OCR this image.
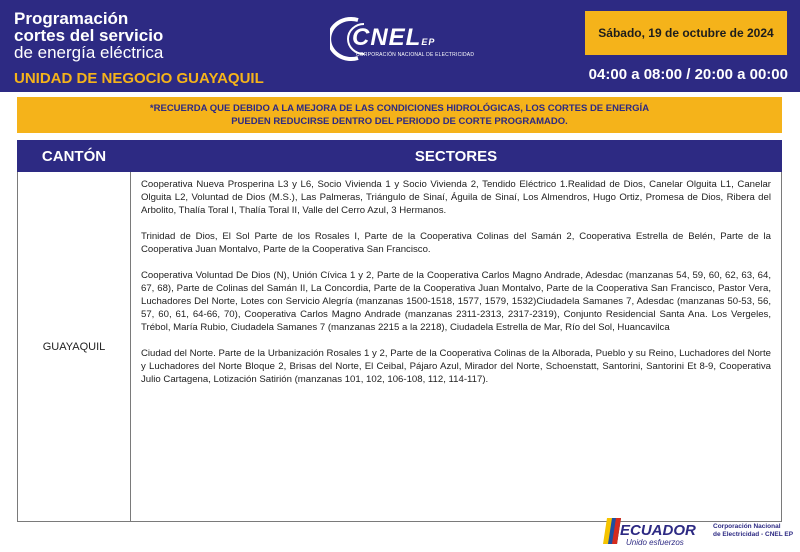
Programación
cortes del servicio
de energía eléctrica
UNIDAD DE NEGOCIO GUAYAQUIL
CNELEP
CORPORACIÓN NACIONAL DE ELECTRICIDAD
Sábado, 19 de octubre de 2024
04:00 a 08:00 / 20:00 a 00:00
*RECUERDA QUE DEBIDO A LA MEJORA DE LAS CONDICIONES HIDROLÓGICAS, LOS CORTES DE ENERGÍA
PUEDEN REDUCIRSE DENTRO DEL PERIODO DE CORTE PROGRAMADO.
CANTÓN	SECTORES
GUAYAQUIL	Cooperativa Nueva Prosperina L3 y L6, Socio Vivienda 1 y Socio Vivienda 2, Tendido Eléctrico 1.Realidad de Dios, Canelar Olguita L1, Canelar Olguita L2, Voluntad de Dios (M.S.), Las Palmeras, Triángulo de Sinaí, Águila de Sinaí, Los Almendros, Hugo Ortiz, Promesa de Dios, Ribera del Arbolito, Thalía Toral I, Thalía Toral II, Valle del Cerro Azul, 3 Hermanos.

Trinidad de Dios, El Sol Parte de los Rosales I, Parte de la Cooperativa Colinas del Samán 2, Cooperativa Estrella de Belén, Parte de la Cooperativa Juan Montalvo, Parte de la Cooperativa San Francisco.

Cooperativa Voluntad De Dios (N), Unión Cívica 1 y 2, Parte de la Cooperativa Carlos Magno Andrade, Adesdac (manzanas 54, 59, 60, 62, 63, 64, 67, 68), Parte de Colinas del Samán II, La Concordia, Parte de la Cooperativa Juan Montalvo, Parte de la Cooperativa San Francisco, Pastor Vera, Luchadores Del Norte, Lotes con Servicio Alegría (manzanas 1500-1518, 1577, 1579, 1532)Ciudadela Samanes 7, Adesdac (manzanas 50-53, 56, 57, 60, 61, 64-66, 70), Cooperativa Carlos Magno Andrade (manzanas 2311-2313, 2317-2319), Conjunto Residencial Santa Ana. Los Vergeles, Trébol, María Rubio, Ciudadela Samanes 7 (manzanas 2215 a la 2218), Ciudadela Estrella de Mar, Río del Sol, Huancavilca

Ciudad del Norte. Parte de la Urbanización Rosales 1 y 2, Parte de la Cooperativa Colinas de la Alborada, Pueblo y su Reino, Luchadores del Norte y Luchadores del Norte Bloque 2, Brisas del Norte, El Ceibal, Pájaro Azul, Mirador del Norte, Schoenstatt, Santorini, Santorini Et 8-9, Cooperativa Julio Cartagena, Lotización Satirión (manzanas 101, 102, 106-108, 112, 114-117).

ECUADOR
Unido esfuerzos
Corporación Nacional
de Electricidad - CNEL EP
